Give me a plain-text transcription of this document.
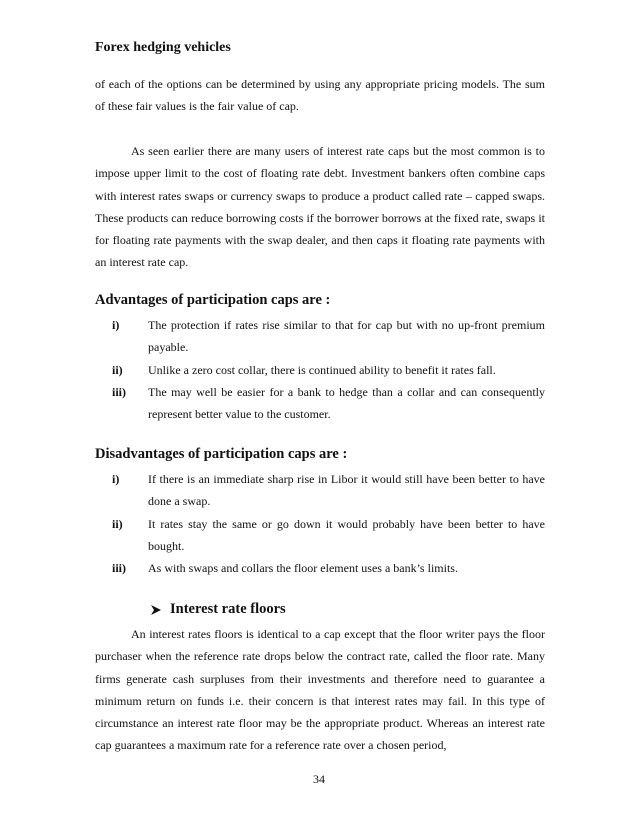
Forex hedging vehicles
of each of the options can be determined by using any appropriate pricing models. The sum of these fair values is the fair value of cap.
As seen earlier there are many users of interest rate caps but the most common is to impose upper limit to the cost of floating rate debt. Investment bankers often combine caps with interest rates swaps or currency swaps to produce a product called rate – capped swaps. These products can reduce borrowing costs if the borrower borrows at the fixed rate, swaps it for floating rate payments with the swap dealer, and then caps it floating rate payments with an interest rate cap.
Advantages of participation caps are :
i)	The protection if rates rise similar to that for cap but with no up-front premium payable.
ii)	Unlike a zero cost collar, there is continued ability to benefit it rates fall.
iii)	The may well be easier for a bank to hedge than a collar and can consequently represent better value to the customer.
Disadvantages of participation caps are :
i)	If there is an immediate sharp rise in Libor it would still have been better to have done a swap.
ii)	It rates stay the same or go down it would probably have been better to have bought.
iii)	As with swaps and collars the floor element uses a bank’s limits.
Interest rate floors
An interest rates floors is identical to a cap except that the floor writer pays the floor purchaser when the reference rate drops below the contract rate, called the floor rate. Many firms generate cash surpluses from their investments and therefore need to guarantee a minimum return on funds i.e. their concern is that interest rates may fail. In this type of circumstance an interest rate floor may be the appropriate product. Whereas an interest rate cap guarantees a maximum rate for a reference rate over a chosen period,
34
